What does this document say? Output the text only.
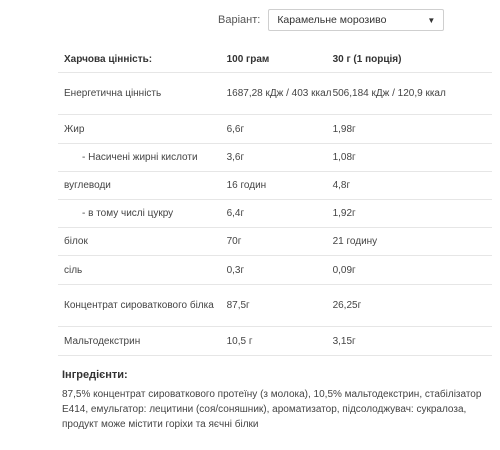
Варіант: Карамельне морозиво	▼
Харчова цінність:	100 грам	30 г (1 порція)
Енергетична цінність	1687,28 кДж / 403 ккал	506,184 кДж / 120,9 ккал
Жир	6,6г	1,98г
- Насичені жирні кислоти	3,6г	1,08г
вуглеводи	16 годин	4,8г
- в тому числі цукру	6,4г	1,92г
білок	70г	21 годину
сіль	0,3г	0,09г
Концентрат сироваткового білка	87,5г	26,25г
Мальтодекстрин	10,5 г	3,15г
Інгредієнти:
87,5% концентрат сироваткового протеїну (з молока), 10,5% мальтодекстрин, стабілізатор E414, емульгатор: лецитини (соя/соняшник), ароматизатор, підсолоджувач: сукралоза, продукт може містити горіхи та яєчні білки
